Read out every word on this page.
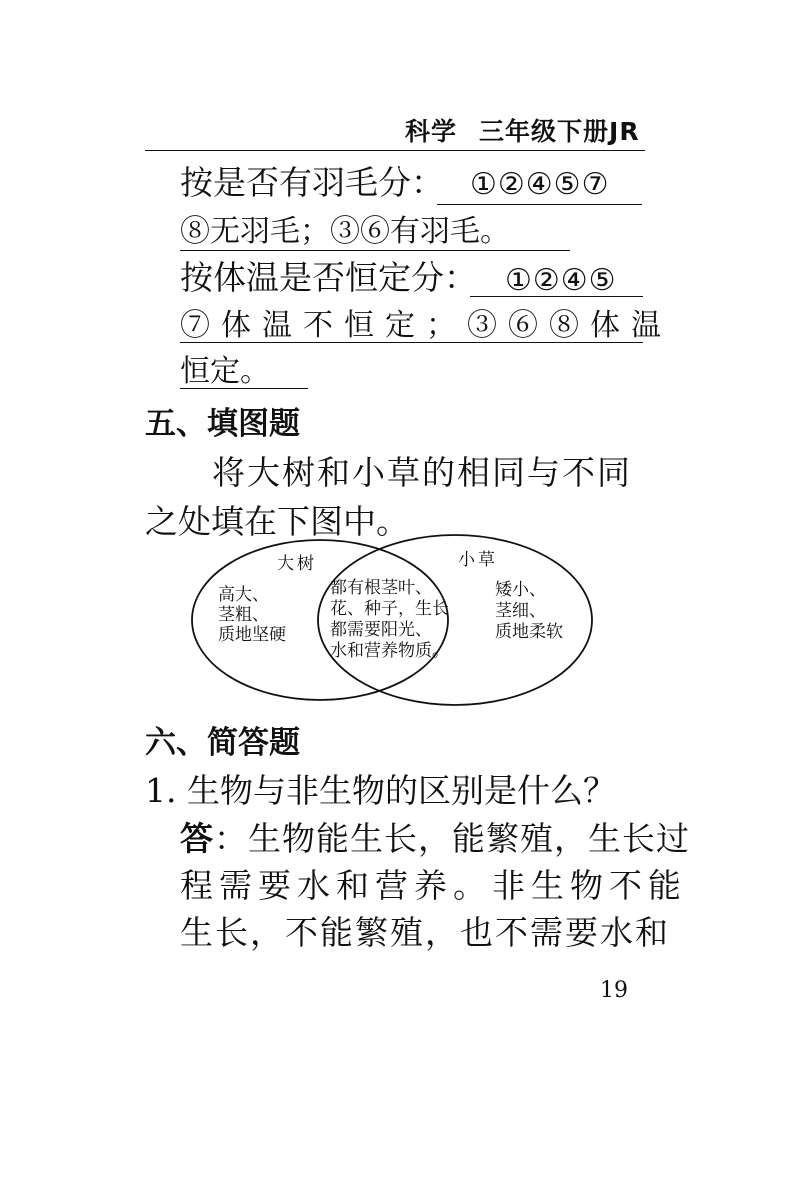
科学 三年级下册JR
按是否有羽毛分： ①②④⑤⑦
⑧无羽毛；③⑥有羽毛。
按体温是否恒定分： ①②④⑤
⑦体温不恒定；③⑥⑧体温
恒定。
五、填图题
将大树和小草的相同与不同
之处填在下图中。
大树	小草
高大、
茎粗、
质地坚硬
都有根茎叶、
花、种子，生长
都需要阳光、
水和营养物质。
矮小、
茎细、
质地柔软
六、简答题
1. 生物与非生物的区别是什么？
答：生物能生长，能繁殖，生长过
程需要水和营养。非生物不能
生长，不能繁殖，也不需要水和
19
